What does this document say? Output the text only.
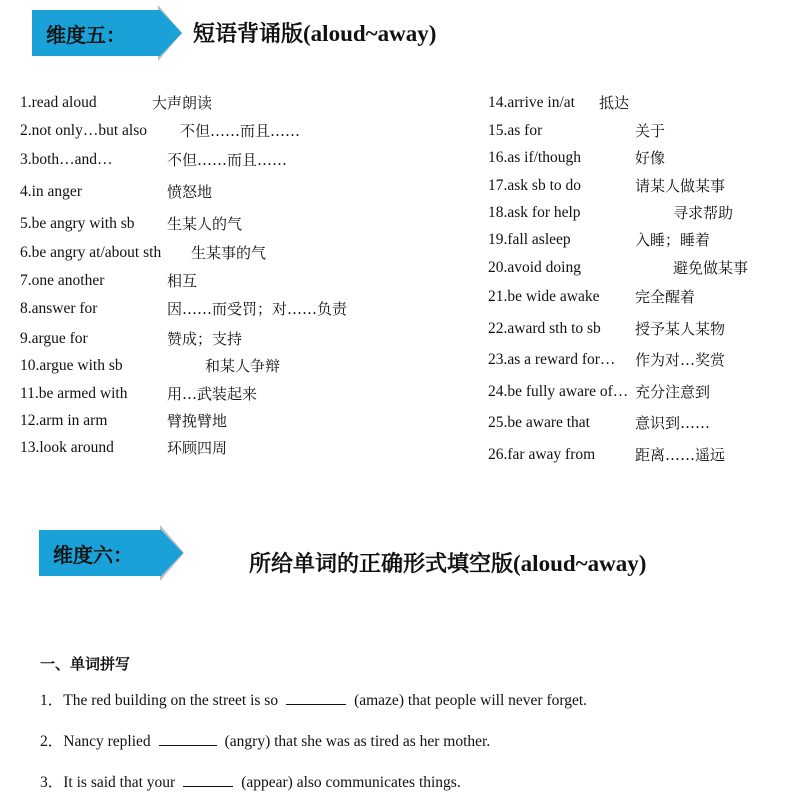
维度五：	短语背诵版(aloud~away)
1.read aloud	大声朗读
2.not only…but also 不但……而且……
3.both…and…	不但……而且……
4.in anger	愤怒地
5.be angry with sb 生某人的气
6.be angry at/about sth 生某事的气
7.one another	相互
8.answer for	因……而受罚；对……负责
9.argue for	赞成；支持
10.argue with sb	和某人争辩
11.be armed with	用…武装起来
12.arm in arm	臂挽臂地
13.look around	环顾四周
14.arrive in/at 抵达
15.as for	关于
16.as if/though	好像
17.ask sb to do	请某人做某事
18.ask for help	寻求帮助
19.fall asleep	入睡；睡着
20.avoid doing	避免做某事
21.be wide awake 完全醒着
22.award sth to sb 授予某人某物
23.as a reward for… 作为对…奖赏
24.be fully aware of… 充分注意到
25.be aware that	意识到……
26.far away from	距离……遥远
维度六：	所给单词的正确形式填空版(aloud~away)
一、单词拼写
1．The red building on the street is so	(amaze) that people will never forget.
2．Nancy replied	(angry) that she was as tired as her mother.
3．It is said that your	(appear) also communicates things.
